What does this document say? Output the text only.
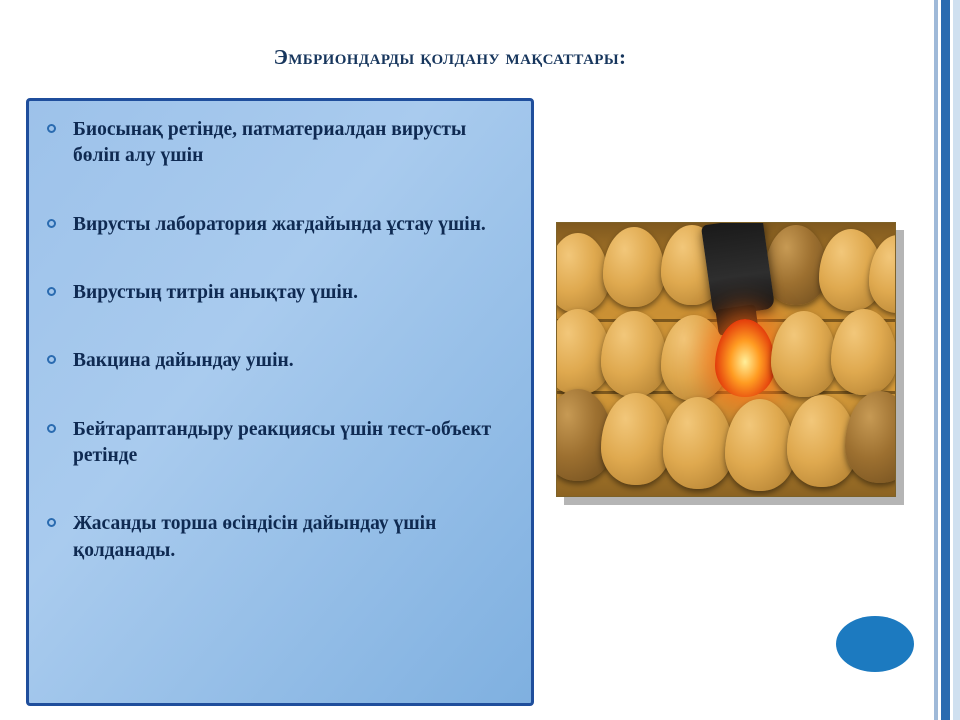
Эмбриондарды қолдану мақсаттары:
Биосынақ ретінде, патматериалдан вирусты бөліп алу үшін
Вирусты лаборатория жағдайында ұстау үшін.
Вирустың титрін анықтау үшін.
Вакцина дайындау ушін.
Бейтараптандыру реакциясы үшін тест-объект ретінде
Жасанды торша өсіндісін дайындау үшін қолданады.
